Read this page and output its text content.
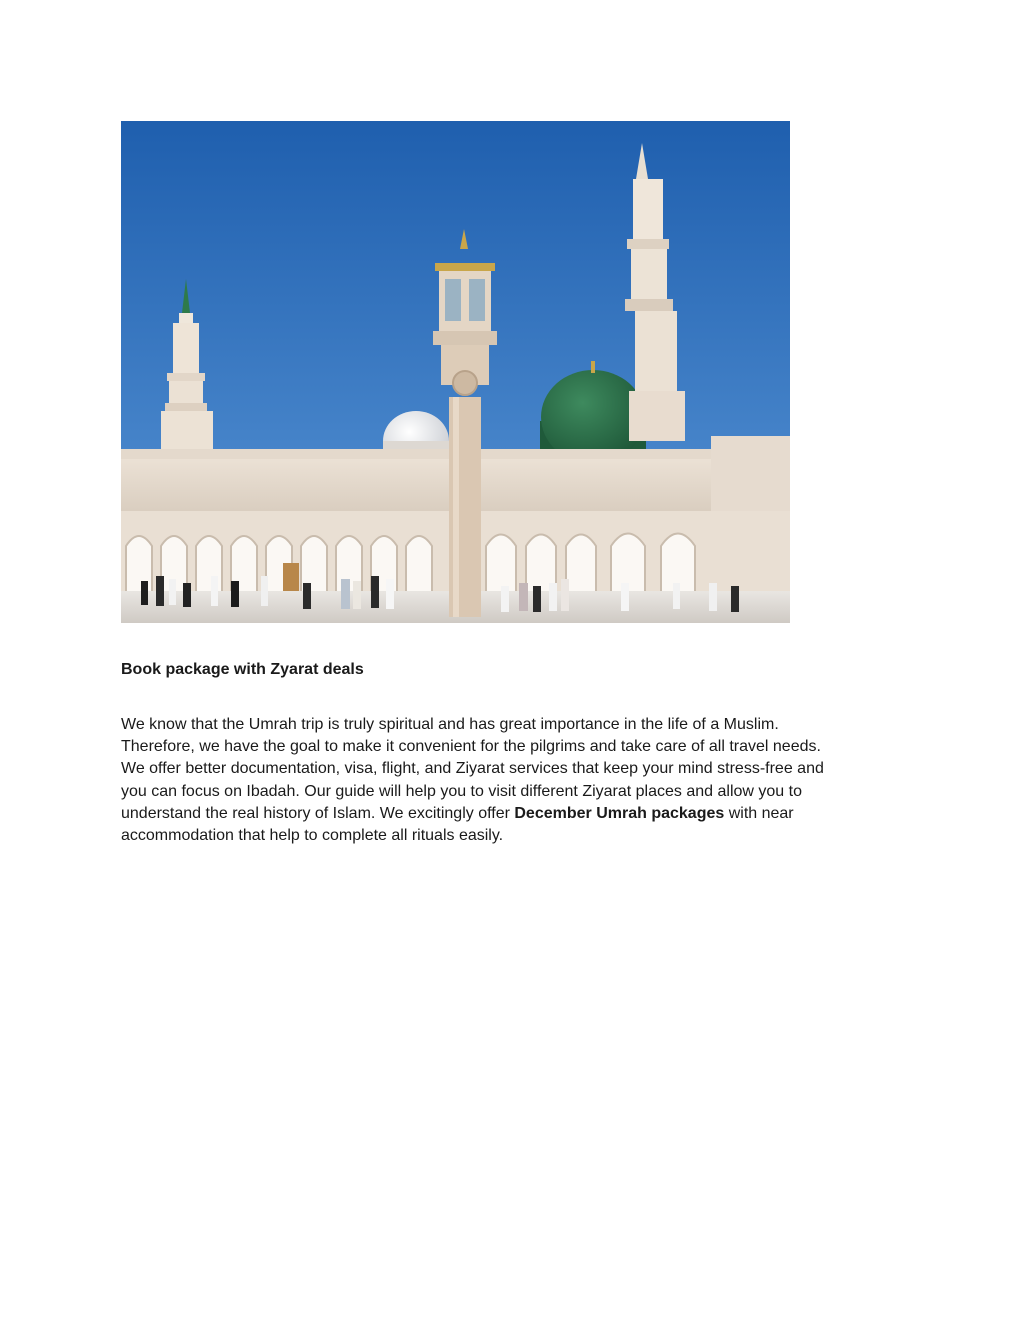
Book package with Zyarat deals

We know that the Umrah trip is truly spiritual and has great importance in the life of a Muslim.
Therefore, we have the goal to make it convenient for the pilgrims and take care of all travel needs.
We offer better documentation, visa, flight, and Ziyarat services that keep your mind stress-free and
you can focus on Ibadah. Our guide will help you to visit different Ziyarat places and allow you to
understand the real history of Islam. We excitingly offer December Umrah packages with near
accommodation that help to complete all rituals easily.
